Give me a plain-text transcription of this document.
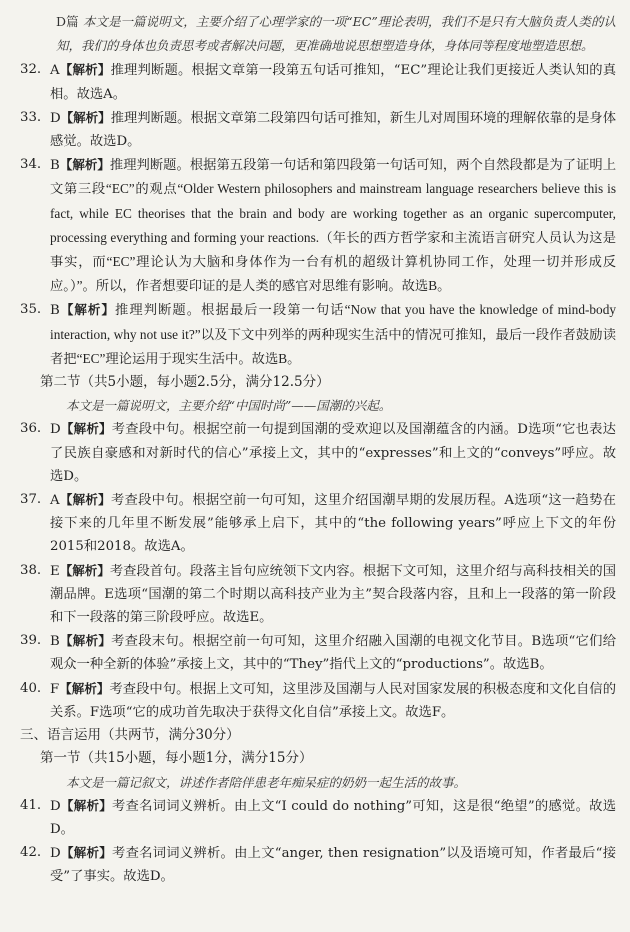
D篇 本文是一篇说明文，主要介绍了心理学家的一项“EC”理论表明，我们不是只有大脑负责人类的认知，我们的身体也负责思考或者解决问题，更准确地说思想塑造身体，身体同等程度地塑造思想。

32. A【解析】推理判断题。根据文章第一段第五句话可推知，“EC”理论让我们更接近人类认知的真相。故选A。

33. D【解析】推理判断题。根据文章第二段第四句话可推知，新生儿对周围环境的理解依靠的是身体感觉。故选D。

34. B【解析】推理判断题。根据第五段第一句话和第四段第一句话可知，两个自然段都是为了证明上文第三段“EC”的观点“Older Western philosophers and mainstream language researchers believe this is fact, while EC theorises that the brain and body are working together as an organic supercomputer, processing everything and forming your reactions.（年长的西方哲学家和主流语言研究人员认为这是事实，而“EC”理论认为大脑和身体作为一台有机的超级计算机协同工作，处理一切并形成反应。）”。所以，作者想要印证的是人类的感官对思维有影响。故选B。

35. B【解析】推理判断题。根据最后一段第一句话“Now that you have the knowledge of mind-body interaction, why not use it?”以及下文中列举的两种现实生活中的情况可推知，最后一段作者鼓励读者把“EC”理论运用于现实生活中。故选B。

第二节（共5小题，每小题2.5分，满分12.5分）

本文是一篇说明文，主要介绍“中国时尚”——国潮的兴起。

36. D【解析】考查段中句。根据空前一句提到国潮的受欢迎以及国潮蕴含的内涵。D选项“它也表达了民族自豪感和对新时代的信心”承接上文，其中的“expresses”和上文的“conveys”呼应。故选D。

37. A【解析】考查段中句。根据空前一句可知，这里介绍国潮早期的发展历程。A选项“这一趋势在接下来的几年里不断发展”能够承上启下，其中的“the following years”呼应上下文的年份2015和2018。故选A。

38. E【解析】考查段首句。段落主旨句应统领下文内容。根据下文可知，这里介绍与高科技相关的国潮品牌。E选项“国潮的第二个时期以高科技产业为主”契合段落内容，且和上一段落的第一阶段和下一段落的第三阶段呼应。故选E。

39. B【解析】考查段末句。根据空前一句可知，这里介绍融入国潮的电视文化节目。B选项“它们给观众一种全新的体验”承接上文，其中的“They”指代上文的“productions”。故选B。

40. F【解析】考查段中句。根据上文可知，这里涉及国潮与人民对国家发展的积极态度和文化自信的关系。F选项“它的成功首先取决于获得文化自信”承接上文。故选F。

三、语言运用（共两节，满分30分）

第一节（共15小题，每小题1分，满分15分）

本文是一篇记叙文，讲述作者陪伴患老年痴呆症的奶奶一起生活的故事。

41. D【解析】考查名词词义辨析。由上文“I could do nothing”可知，这是很“绝望”的感觉。故选D。

42. D【解析】考查名词词义辨析。由上文“anger, then resignation”以及语境可知，作者最后“接受”了事实。故选D。
